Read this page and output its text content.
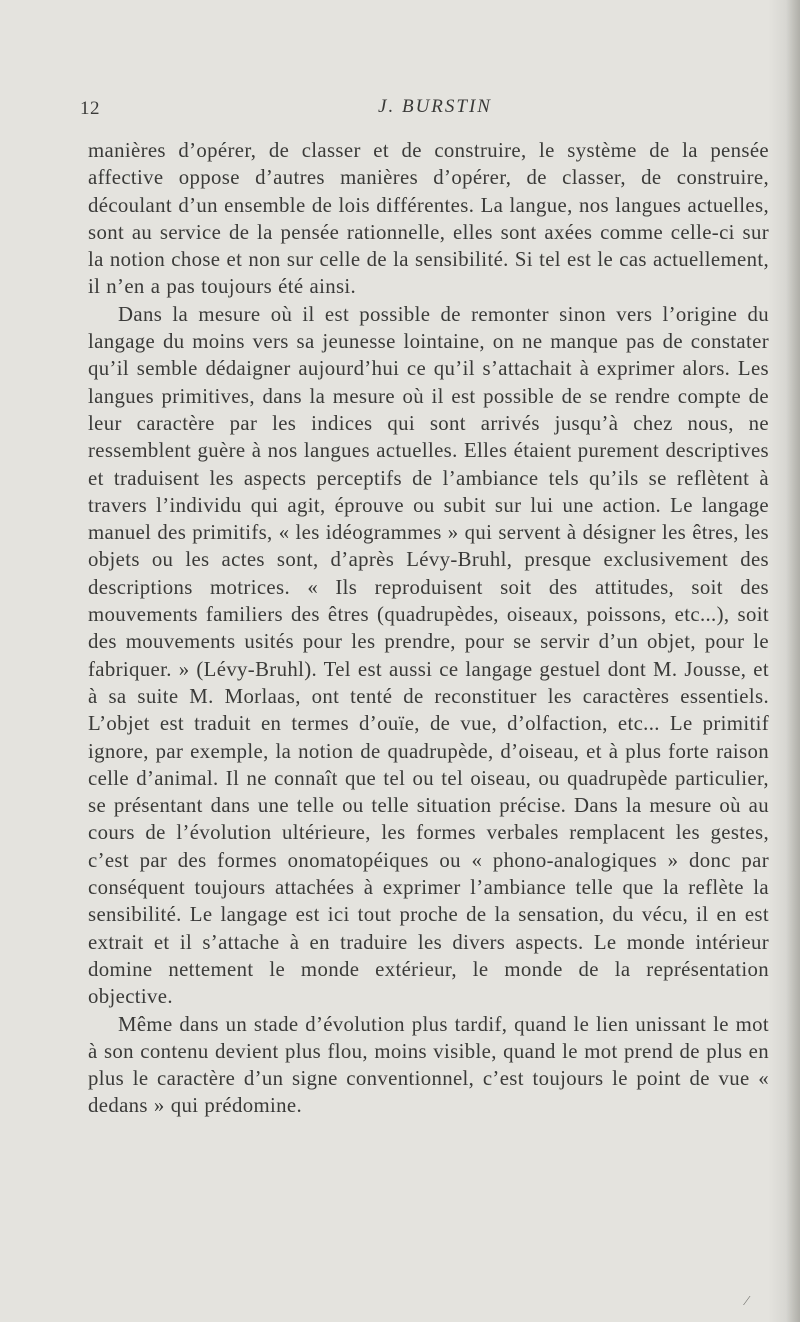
12	J. BURSTIN

manières d’opérer, de classer et de construire, le système de la pensée affective oppose d’autres manières d’opérer, de classer, de construire, découlant d’un ensemble de lois différentes. La langue, nos langues actuelles, sont au service de la pensée rationnelle, elles sont axées comme celle-ci sur la notion chose et non sur celle de la sensibilité. Si tel est le cas actuellement, il n’en a pas toujours été ainsi.

Dans la mesure où il est possible de remonter sinon vers l’origine du langage du moins vers sa jeunesse lointaine, on ne manque pas de constater qu’il semble dédaigner aujourd’hui ce qu’il s’attachait à exprimer alors. Les langues primitives, dans la mesure où il est possible de se rendre compte de leur caractère par les indices qui sont arrivés jusqu’à chez nous, ne ressemblent guère à nos langues actuelles. Elles étaient purement descriptives et traduisent les aspects perceptifs de l’ambiance tels qu’ils se reflètent à travers l’individu qui agit, éprouve ou subit sur lui une action. Le langage manuel des primitifs, « les idéogrammes » qui servent à désigner les êtres, les objets ou les actes sont, d’après Lévy-Bruhl, presque exclusivement des descriptions motrices. « Ils reproduisent soit des attitudes, soit des mouvements familiers des êtres (quadrupèdes, oiseaux, poissons, etc...), soit des mouvements usités pour les prendre, pour se servir d’un objet, pour le fabriquer. » (Lévy-Bruhl). Tel est aussi ce langage gestuel dont M. Jousse, et à sa suite M. Morlaas, ont tenté de reconstituer les caractères essentiels. L’objet est traduit en termes d’ouïe, de vue, d’olfaction, etc... Le primitif ignore, par exemple, la notion de quadrupède, d’oiseau, et à plus forte raison celle d’animal. Il ne connaît que tel ou tel oiseau, ou quadrupède particulier, se présentant dans une telle ou telle situation précise. Dans la mesure où au cours de l’évolution ultérieure, les formes verbales remplacent les gestes, c’est par des formes onomatopéiques ou « phono-analogiques » donc par conséquent toujours attachées à exprimer l’ambiance telle que la reflète la sensibilité. Le langage est ici tout proche de la sensation, du vécu, il en est extrait et il s’attache à en traduire les divers aspects. Le monde intérieur domine nettement le monde extérieur, le monde de la représentation objective.

Même dans un stade d’évolution plus tardif, quand le lien unissant le mot à son contenu devient plus flou, moins visible, quand le mot prend de plus en plus le caractère d’un signe conventionnel, c’est toujours le point de vue « dedans » qui prédomine.

⁄
